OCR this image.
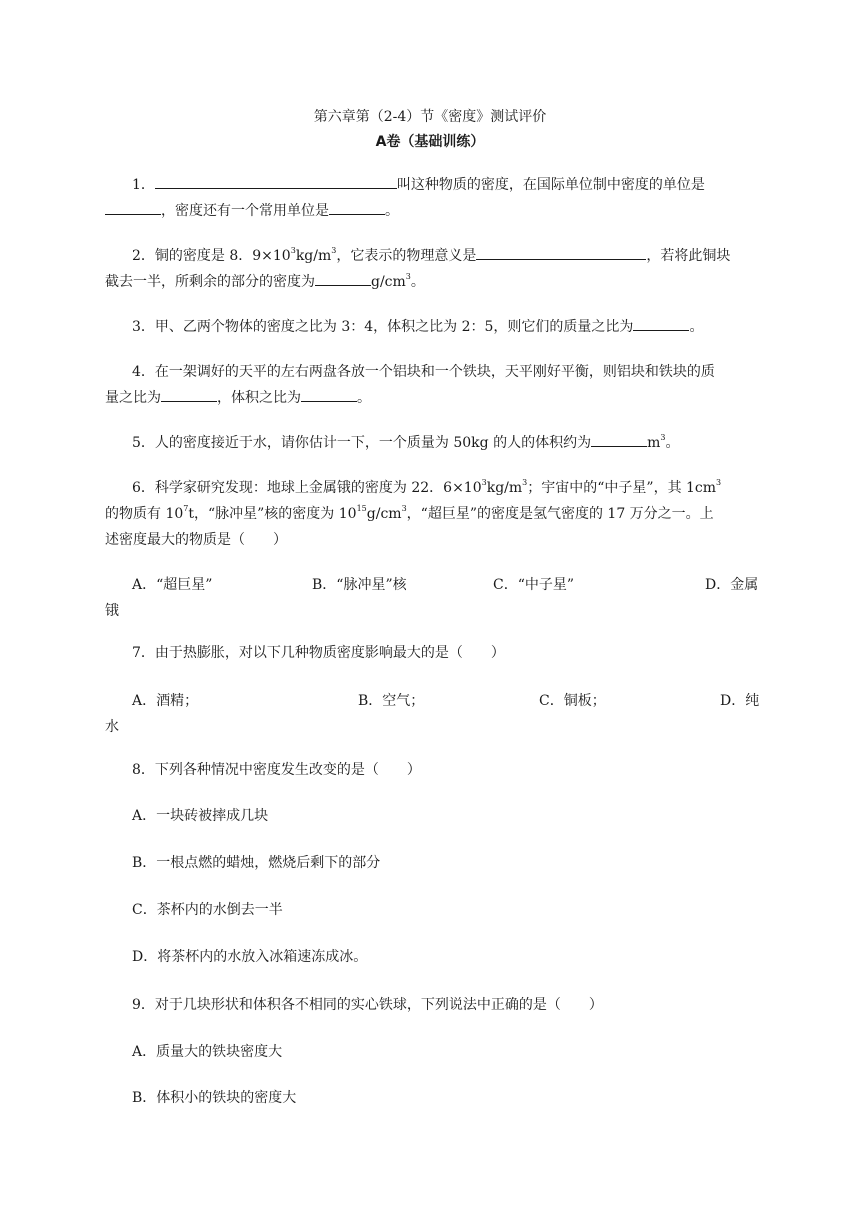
第六章第（2-4）节《密度》测试评价
A卷（基础训练）
1．	叫这种物质的密度，在国际单位制中密度的单位是
，密度还有一个常用单位是	。
2．铜的密度是 8．$9\times 10^3kg/m^3$，它表示的物理意义是	，若将此铜块
截去一半，所剩余的部分的密度为	$g/cm^3$。
3．甲、乙两个物体的密度之比为 3：4，体积之比为 2：5，则它们的质量之比为	。
4．在一架调好的天平的左右两盘各放一个铝块和一个铁块，天平刚好平衡，则铝块和铁块的质
量之比为	，体积之比为	。
5．人的密度接近于水，请你估计一下，一个质量为 50kg 的人的体积约为	$m^3$。
6．科学家研究发现：地球上金属锇的密度为 22．$6\times 10^3kg/m^3$；宇宙中的“中子星”，其 $1cm^3$
的物质有 $10^7t$，“脉冲星”核的密度为 $10^{15}g/cm^3$，“超巨星”的密度是氢气密度的 17 万分之一。上
述密度最大的物质是（　　）
A．“超巨星”	B．“脉冲星”核	C．“中子星”	D．金属
锇
7．由于热膨胀，对以下几种物质密度影响最大的是（　　）
A．酒精；	B．空气；	C．铜板；	D．纯
水
8．下列各种情况中密度发生改变的是（　　）
A．一块砖被摔成几块
B．一根点燃的蜡烛，燃烧后剩下的部分
C．茶杯内的水倒去一半
D．将茶杯内的水放入冰箱速冻成冰。
9．对于几块形状和体积各不相同的实心铁球，下列说法中正确的是（　　）
A．质量大的铁块密度大
B．体积小的铁块的密度大
